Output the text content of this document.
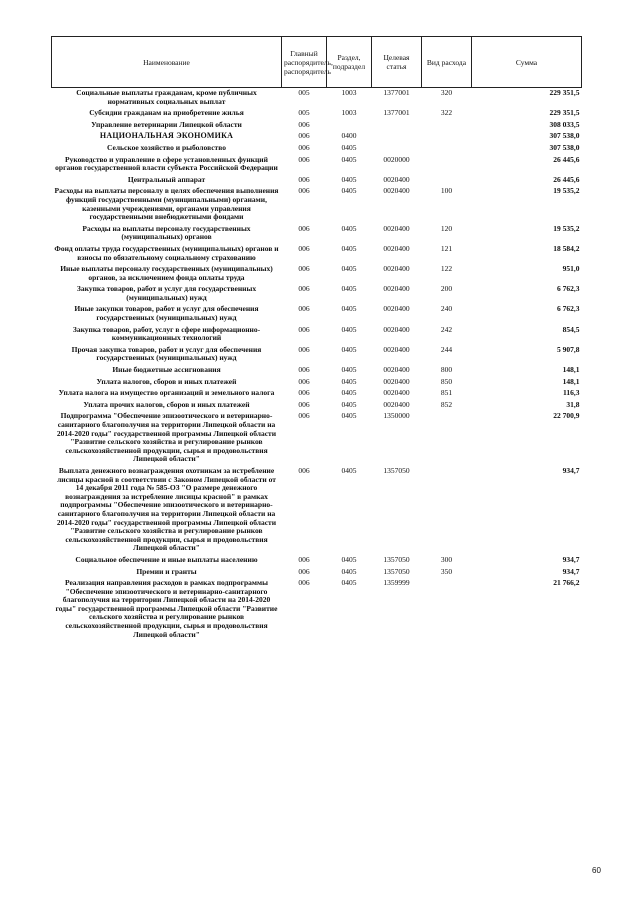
Наименование	Главный распорядитель, распорядитель	Раздел, подраздел	Целевая статья	Вид расхода	Сумма
Социальные выплаты гражданам, кроме публичных нормативных социальных выплат	005	1003	1377001	320	229 351,5
Субсидии гражданам на приобретение жилья	005	1003	1377001	322	229 351,5
Управление ветеринарии Липецкой области	006				308 033,5
НАЦИОНАЛЬНАЯ ЭКОНОМИКА	006	0400			307 538,0
Сельское хозяйство и рыболовство	006	0405			307 538,0
Руководство и управление в сфере установленных функций органов государственной власти субъекта Российской Федерации	006	0405	0020000		26 445,6
Центральный аппарат	006	0405	0020400		26 445,6
Расходы на выплаты персоналу в целях обеспечения выполнения функций государственными (муниципальными) органами, казенными учреждениями, органами управления государственными внебюджетными фондами	006	0405	0020400	100	19 535,2
Расходы на выплаты персоналу государственных (муниципальных) органов	006	0405	0020400	120	19 535,2
Фонд оплаты труда государственных (муниципальных) органов и взносы по обязательному социальному страхованию	006	0405	0020400	121	18 584,2
Иные выплаты персоналу государственных (муниципальных) органов, за исключением фонда оплаты труда	006	0405	0020400	122	951,0
Закупка товаров, работ и услуг для государственных (муниципальных) нужд	006	0405	0020400	200	6 762,3
Иные закупки товаров, работ и услуг для обеспечения государственных (муниципальных) нужд	006	0405	0020400	240	6 762,3
Закупка товаров, работ, услуг в сфере информационно-коммуникационных технологий	006	0405	0020400	242	854,5
Прочая закупка товаров, работ и услуг для обеспечения государственных (муниципальных) нужд	006	0405	0020400	244	5 907,8
Иные бюджетные ассигнования	006	0405	0020400	800	148,1
Уплата налогов, сборов и иных платежей	006	0405	0020400	850	148,1
Уплата налога на имущество организаций и земельного налога	006	0405	0020400	851	116,3
Уплата прочих налогов, сборов и иных платежей	006	0405	0020400	852	31,8
Подпрограмма "Обеспечение эпизоотического и ветеринарно-санитарного благополучия на территории Липецкой области на 2014-2020 годы" государственной программы Липецкой области "Развитие сельского хозяйства и регулирование рынков сельскохозяйственной продукции, сырья и продовольствия Липецкой области"	006	0405	1350000		22 700,9
Выплата денежного вознаграждения охотникам за истребление лисицы красной в соответствии с Законом Липецкой области от 14 декабря 2011 года № 585-ОЗ "О размере денежного вознаграждения за истребление лисицы красной" в рамках подпрограммы "Обеспечение эпизоотического и ветеринарно-санитарного благополучия на территории Липецкой области на 2014-2020 годы" государственной программы Липецкой области "Развитие сельского хозяйства и регулирование рынков сельскохозяйственной продукции, сырья и продовольствия Липецкой области"	006	0405	1357050		934,7
Социальное обеспечение и иные выплаты населению	006	0405	1357050	300	934,7
Премии и гранты	006	0405	1357050	350	934,7
Реализация направления расходов в рамках подпрограммы "Обеспечение эпизоотического и ветеринарно-санитарного благополучия на территории Липецкой области на 2014-2020 годы" государственной программы Липецкой области "Развитие сельского хозяйства и регулирование рынков сельскохозяйственной продукции, сырья и продовольствия Липецкой области"	006	0405	1359999		21 766,2
60
